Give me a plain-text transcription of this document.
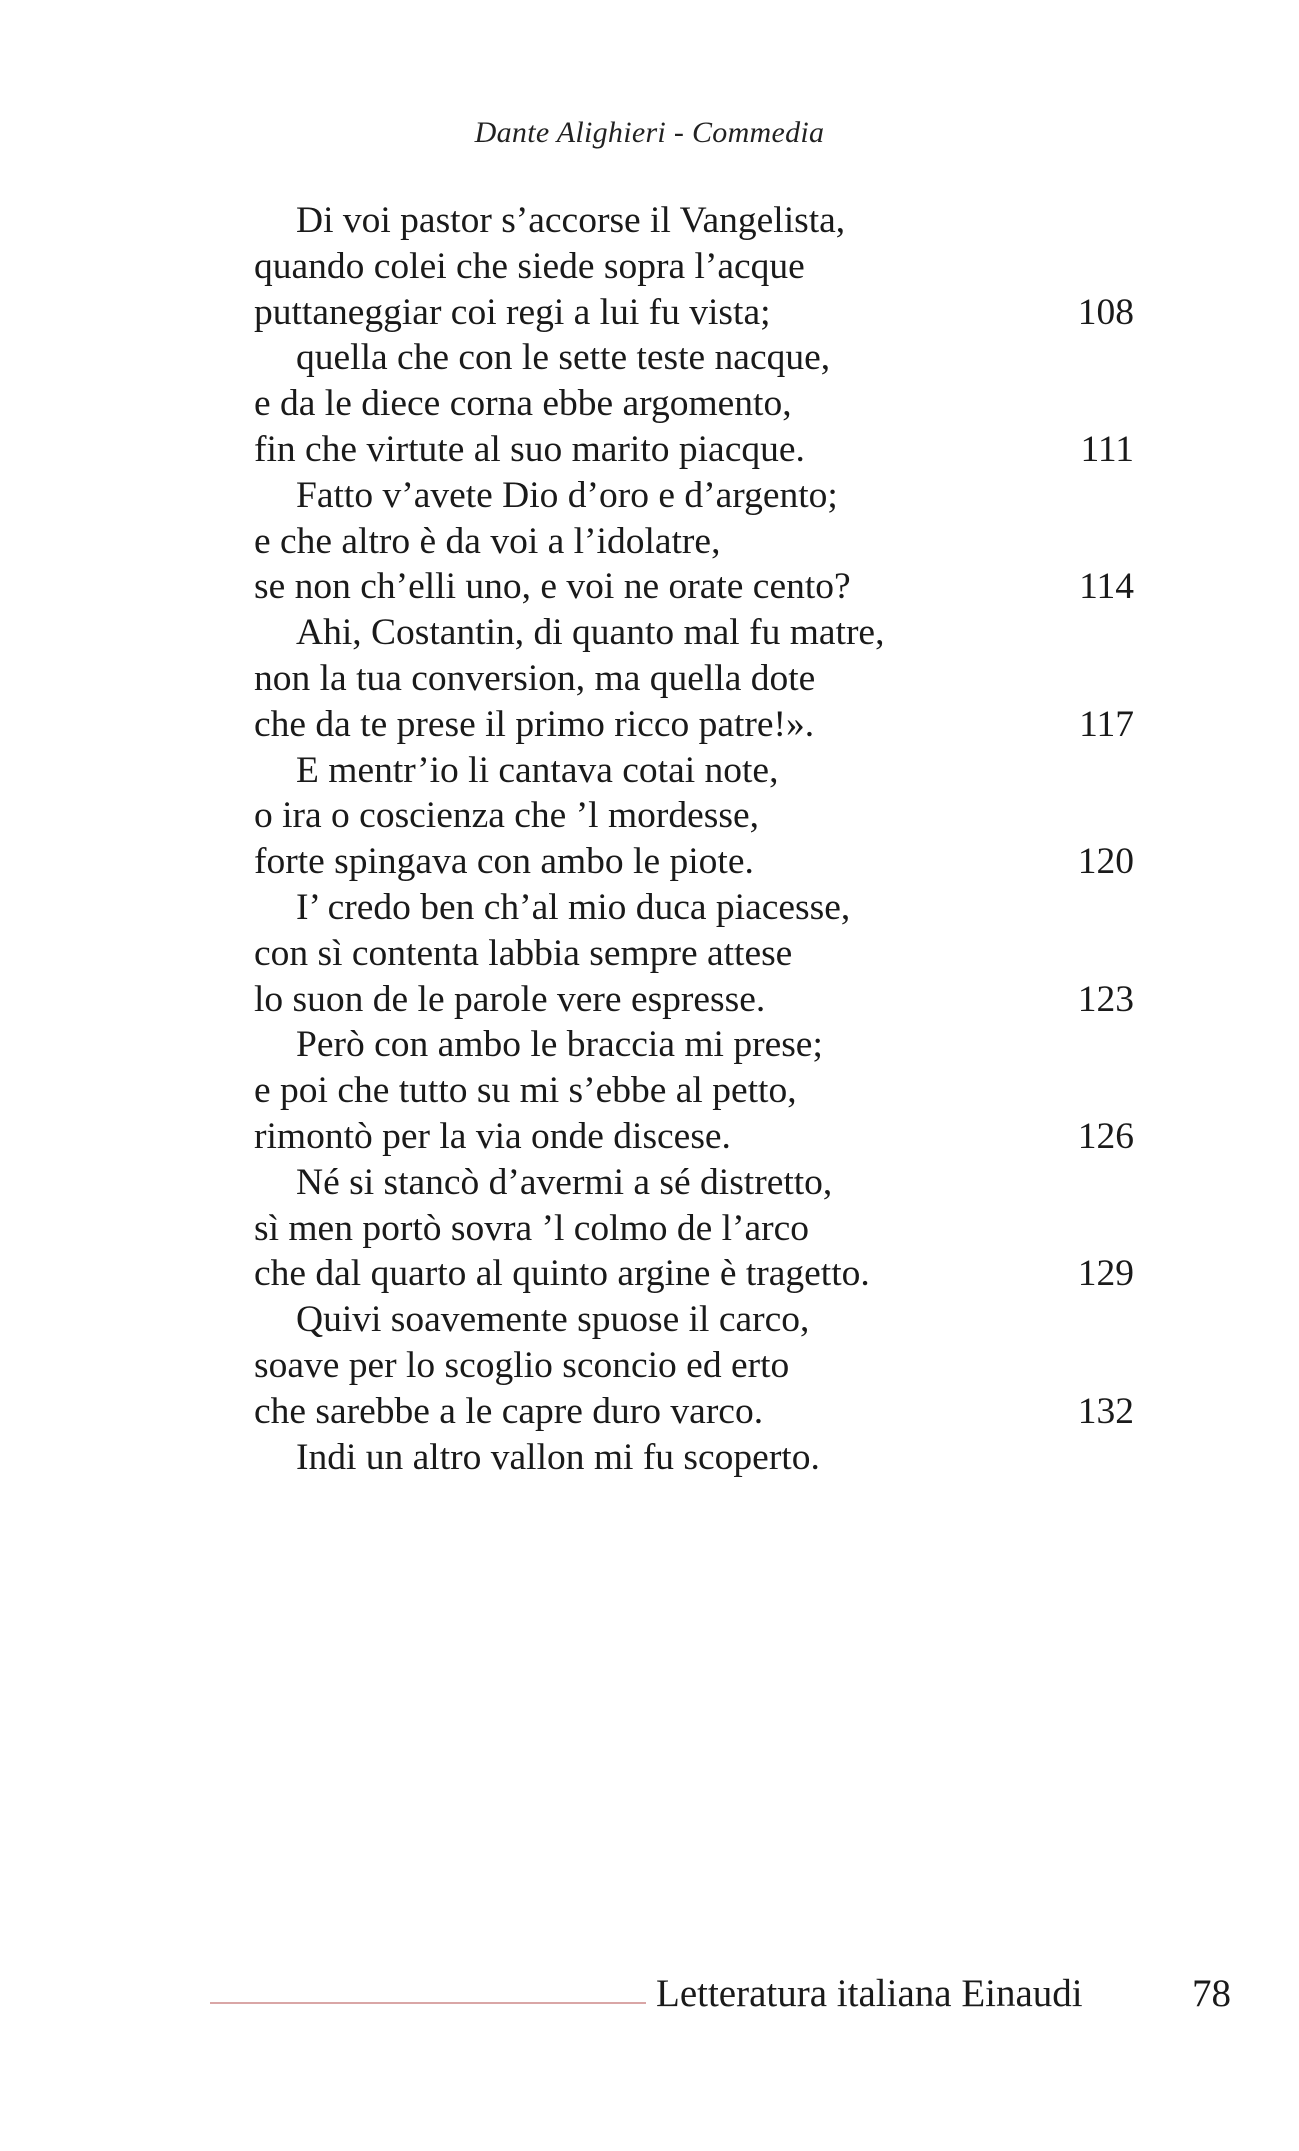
Dante Alighieri - Commedia
Di voi pastor s’accorse il Vangelista,
quando colei che siede sopra l’acque
puttaneggiar coi regi a lui fu vista;	108
quella che con le sette teste nacque,
e da le diece corna ebbe argomento,
fin che virtute al suo marito piacque.	111
Fatto v’avete Dio d’oro e d’argento;
e che altro è da voi a l’idolatre,
se non ch’elli uno, e voi ne orate cento?	114
Ahi, Costantin, di quanto mal fu matre,
non la tua conversion, ma quella dote
che da te prese il primo ricco patre!».	117
E mentr’io li cantava cotai note,
o ira o coscienza che ’l mordesse,
forte spingava con ambo le piote.	120
I’ credo ben ch’al mio duca piacesse,
con sì contenta labbia sempre attese
lo suon de le parole vere espresse.	123
Però con ambo le braccia mi prese;
e poi che tutto su mi s’ebbe al petto,
rimontò per la via onde discese.	126
Né si stancò d’avermi a sé distretto,
sì men portò sovra ’l colmo de l’arco
che dal quarto al quinto argine è tragetto.	129
Quivi soavemente spuose il carco,
soave per lo scoglio sconcio ed erto
che sarebbe a le capre duro varco.	132
Indi un altro vallon mi fu scoperto.
Letteratura italiana Einaudi	78
